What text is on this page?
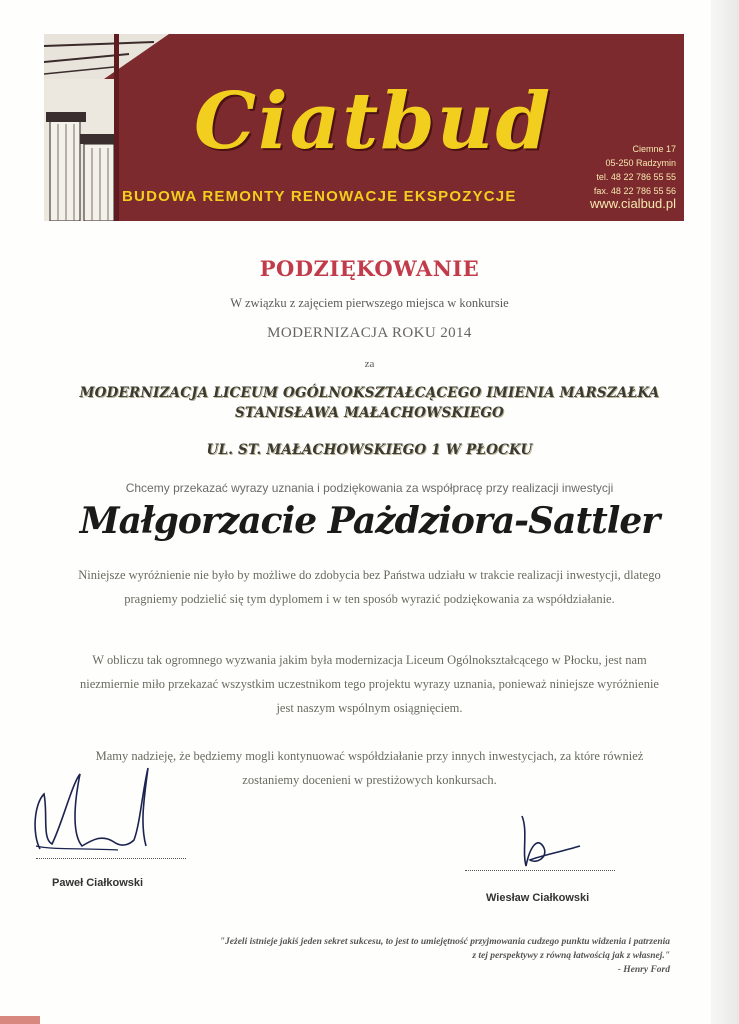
Ciatbud
BUDOWA REMONTY RENOWACJE EKSPOZYCJE
Ciemne 17
05-250 Radzymin
tel. 48 22 786 55 55
fax. 48 22 786 55 56
www.cialbud.pl
PODZIĘKOWANIE
W związku z zajęciem pierwszego miejsca w konkursie
MODERNIZACJA ROKU 2014
za
MODERNIZACJA LICEUM OGÓLNOKSZTAŁCĄCEGO IMIENIA MARSZAŁKA
STANISŁAWA MAŁACHOWSKIEGO
UL. ST. MAŁACHOWSKIEGO 1 W PŁOCKU
Chcemy przekazać wyrazy uznania i podziękowania za współpracę przy realizacji inwestycji
Małgorzacie Pażdziora-Sattler
Niniejsze wyróżnienie nie było by możliwe do zdobycia bez Państwa udziału w trakcie realizacji inwestycji, dlatego
pragniemy podzielić się tym dyplomem i w ten sposób wyrazić podziękowania za współdziałanie.
W obliczu tak ogromnego wyzwania jakim była modernizacja Liceum Ogólnokształcącego w Płocku, jest nam
niezmiernie miło przekazać wszystkim uczestnikom tego projektu wyrazy uznania, ponieważ niniejsze wyróżnienie
jest naszym wspólnym osiągnięciem.
Mamy nadzieję, że będziemy mogli kontynuować współdziałanie przy innych inwestycjach, za które również
zostaniemy docenieni w prestiżowych konkursach.
Paweł Ciałkowski
Wiesław Ciałkowski
"Jeżeli istnieje jakiś jeden sekret sukcesu, to jest to umiejętność przyjmowania cudzego punktu widzenia i patrzenia
z tej perspektywy z równą łatwością jak z własnej."
- Henry Ford
